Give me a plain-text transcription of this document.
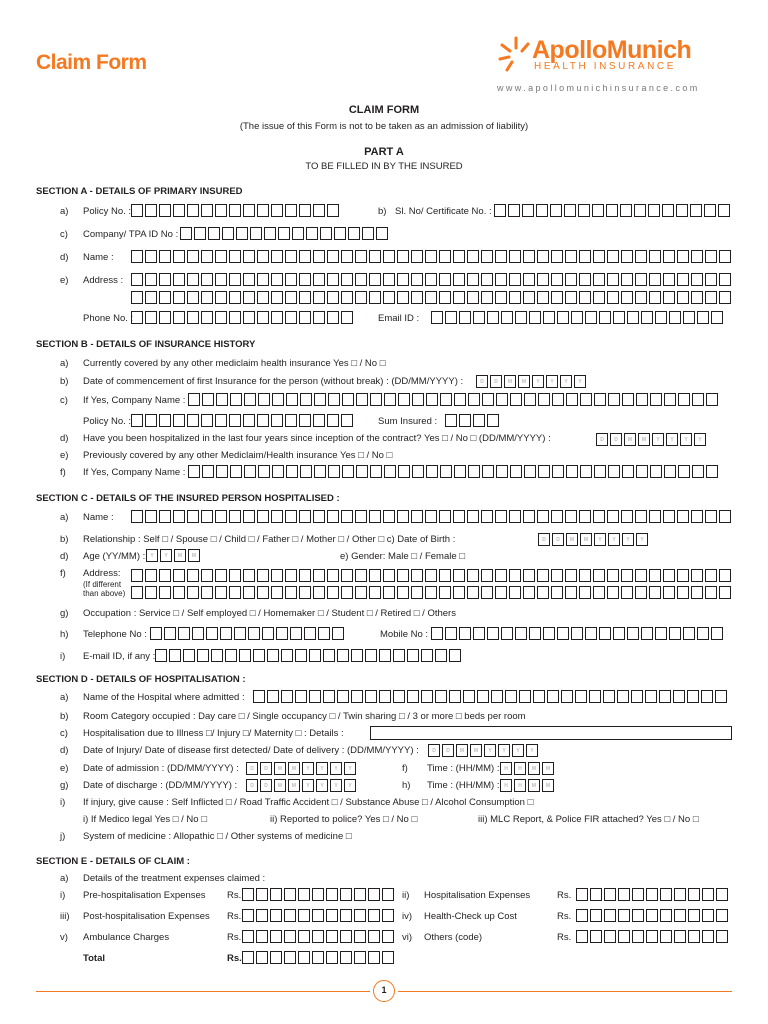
Claim Form	ApolloMunich
HEALTH INSURANCE
www.apollomunichinsurance.com
CLAIM FORM
(The issue of this Form is not to be taken as an admission of liability)
PART A
TO BE FILLED IN BY THE INSURED
SECTION A - DETAILS OF PRIMARY INSURED
a) Policy No. :	b) Sl. No/ Certificate No. :
c) Company/ TPA ID No :
d) Name :
e) Address :
Phone No. :	Email ID :
SECTION B - DETAILS OF INSURANCE HISTORY
a) Currently covered by any other mediclaim health insurance Yes □ / No □
b) Date of commencement of first Insurance for the person (without break) : (DD/MM/YYYY) :	D	D	M	M	Y	Y	Y	Y
c) If Yes, Company Name :
Policy No. :	Sum Insured :
d) Have you been hospitalized in the last four years since inception of the contract? Yes □ / No □ (DD/MM/YYYY) :	D	D	M	M	Y	Y	Y	Y
e) Previously covered by any other Mediclaim/Health insurance Yes □ / No □
f) If Yes, Company Name :
SECTION C - DETAILS OF THE INSURED PERSON HOSPITALISED :
a) Name :
b) Relationship : Self □ / Spouse □ / Child □ / Father □ / Mother □ / Other □ c) Date of Birth :	D	D	M	M	Y	Y	Y	Y
d) Age (YY/MM) :	Y	Y	M	M	e) Gender: Male □ / Female □
f) Address:
(If different
than above)
g) Occupation : Service □ / Self employed □ / Homemaker □ / Student □ / Retired □ / Others
h) Telephone No :	Mobile No :
i) E-mail ID, if any :
SECTION D - DETAILS OF HOSPITALISATION :
a) Name of the Hospital where admitted :
b) Room Category occupied : Day care □ / Single occupancy □ / Twin sharing □ / 3 or more □ beds per room
c) Hospitalisation due to Illness □/ Injury □/ Maternity □ : Details :
d) Date of Injury/ Date of disease first detected/ Date of delivery : (DD/MM/YYYY) :	D	D	M	M	Y	Y	Y	Y
e) Date of admission : (DD/MM/YYYY) :	D	D	M	M	Y	Y	Y	Y	f) Time : (HH/MM) : H	H	M	M
g) Date of discharge : (DD/MM/YYYY) :	D	D	M	M	Y	Y	Y	Y	h) Time : (HH/MM) : H	H	M	M
i) If injury, give cause : Self Inflicted □ / Road Traffic Accident □ / Substance Abuse □ / Alcohol Consumption □
i) If Medico legal Yes □ / No □	ii) Reported to police? Yes □ / No □	iii) MLC Report, & Police FIR attached? Yes □ / No □
j) System of medicine : Allopathic □ / Other systems of medicine □
SECTION E - DETAILS OF CLAIM :
a) Details of the treatment expenses claimed :
i) Pre-hospitalisation Expenses Rs.	ii) Hospitalisation Expenses	Rs.
iii) Post-hospitalisation Expenses Rs.	iv) Health-Check up Cost	Rs.
v) Ambulance Charges	Rs.	vi) Others (code)	Rs.
Total	Rs.
1
